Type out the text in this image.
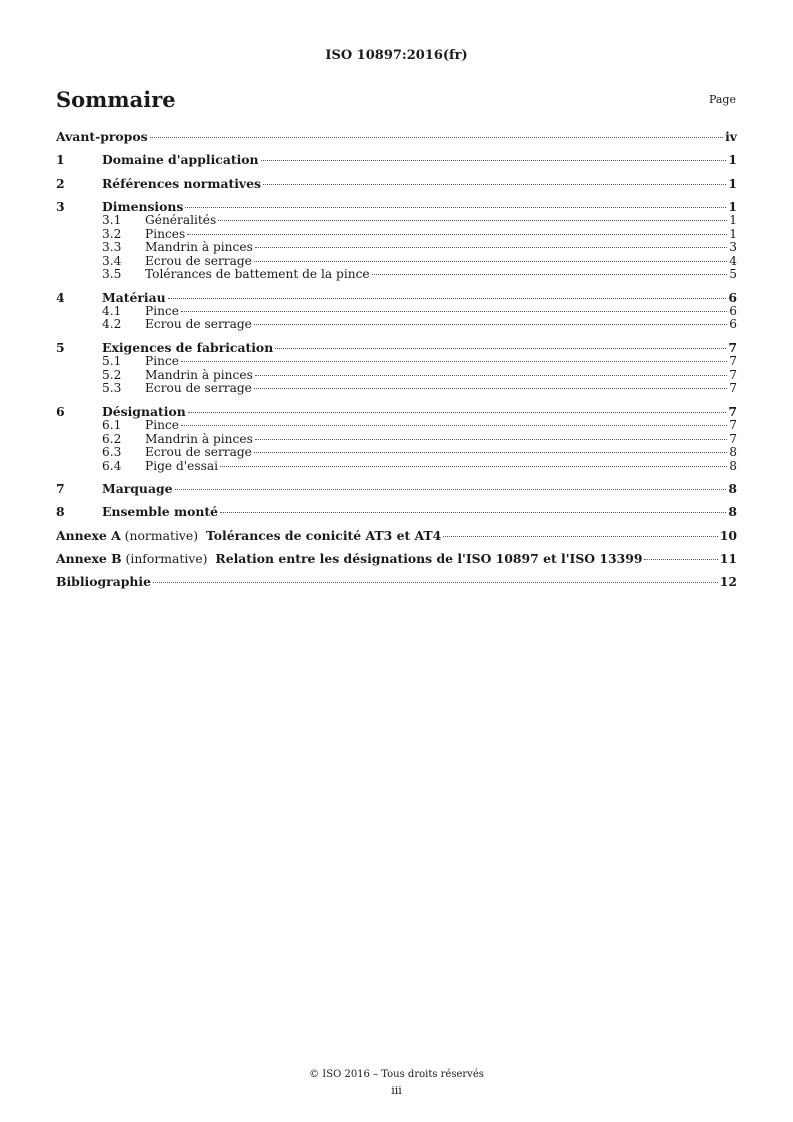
ISO 10897:2016(fr)
Sommaire	Page
Avant-propos	iv
1	Domaine d'application	1
2	Références normatives	1
3	Dimensions	1
3.1	Généralités	1
3.2	Pinces	1
3.3	Mandrin à pinces	3
3.4	Ecrou de serrage	4
3.5	Tolérances de battement de la pince	5
4	Matériau	6
4.1	Pince	6
4.2	Ecrou de serrage	6
5	Exigences de fabrication	7
5.1	Pince	7
5.2	Mandrin à pinces	7
5.3	Ecrou de serrage	7
6	Désignation	7
6.1	Pince	7
6.2	Mandrin à pinces	7
6.3	Ecrou de serrage	8
6.4	Pige d'essai	8
7	Marquage	8
8	Ensemble monté	8
Annexe A (normative) Tolérances de conicité AT3 et AT4	10
Annexe B (informative) Relation entre les désignations de l'ISO 10897 et l'ISO 13399	11
Bibliographie	12
© ISO 2016 – Tous droits réservés
iii
